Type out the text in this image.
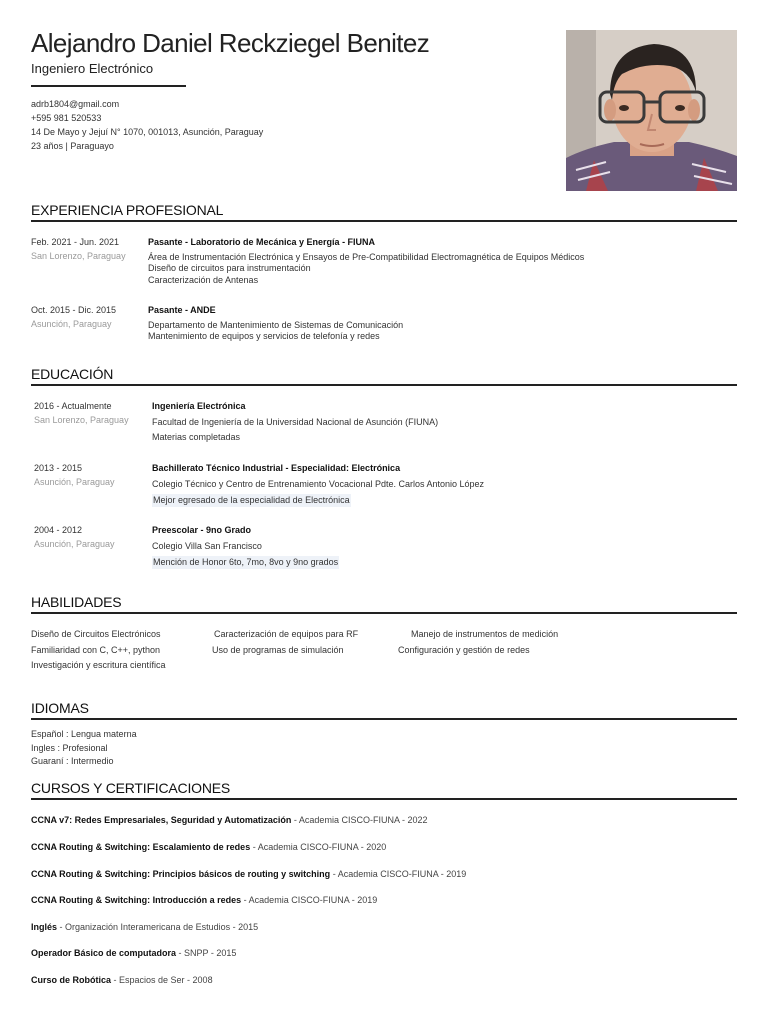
Alejandro Daniel Reckziegel Benitez
Ingeniero Electrónico
adrb1804@gmail.com
+595 981 520533
14 De Mayo y Jejuí N° 1070, 001013, Asunción, Paraguay
23 años | Paraguayo
EXPERIENCIA PROFESIONAL
Feb. 2021 - Jun. 2021
San Lorenzo, Paraguay
Pasante - Laboratorio de Mecánica y Energía - FIUNA
Área de Instrumentación Electrónica y Ensayos de Pre-Compatibilidad Electromagnética de Equipos Médicos
Diseño de circuitos para instrumentación
Caracterización de Antenas
Oct. 2015 - Dic. 2015
Asunción, Paraguay
Pasante - ANDE
Departamento de Mantenimiento de Sistemas de Comunicación
Mantenimiento de equipos y servicios de telefonía y redes
EDUCACIÓN
2016 - Actualmente
San Lorenzo, Paraguay
Ingeniería Electrónica
Facultad de Ingeniería de la Universidad Nacional de Asunción (FIUNA)
Materias completadas
2013 - 2015
Asunción, Paraguay
Bachillerato Técnico Industrial - Especialidad: Electrónica
Colegio Técnico y Centro de Entrenamiento Vocacional Pdte. Carlos Antonio López
Mejor egresado de la especialidad de Electrónica
2004 - 2012
Asunción, Paraguay
Preescolar - 9no Grado
Colegio Villa San Francisco
Mención de Honor 6to, 7mo, 8vo y 9no grados
HABILIDADES
Diseño de Circuitos Electrónicos	Caracterización de equipos para RF	Manejo de instrumentos de medición
Familiaridad con C, C++, python	Uso de programas de simulación	Configuración y gestión de redes
Investigación y escritura científica
IDIOMAS
Español : Lengua materna
Ingles : Profesional
Guaraní : Intermedio
CURSOS Y CERTIFICACIONES
CCNA v7: Redes Empresariales, Seguridad y Automatización - Academia CISCO-FIUNA - 2022
CCNA Routing & Switching: Escalamiento de redes - Academia CISCO-FIUNA - 2020
CCNA Routing & Switching: Principios básicos de routing y switching - Academia CISCO-FIUNA - 2019
CCNA Routing & Switching: Introducción a redes - Academia CISCO-FIUNA - 2019
Inglés - Organización Interamericana de Estudios - 2015
Operador Básico de computadora - SNPP - 2015
Curso de Robótica - Espacios de Ser - 2008
